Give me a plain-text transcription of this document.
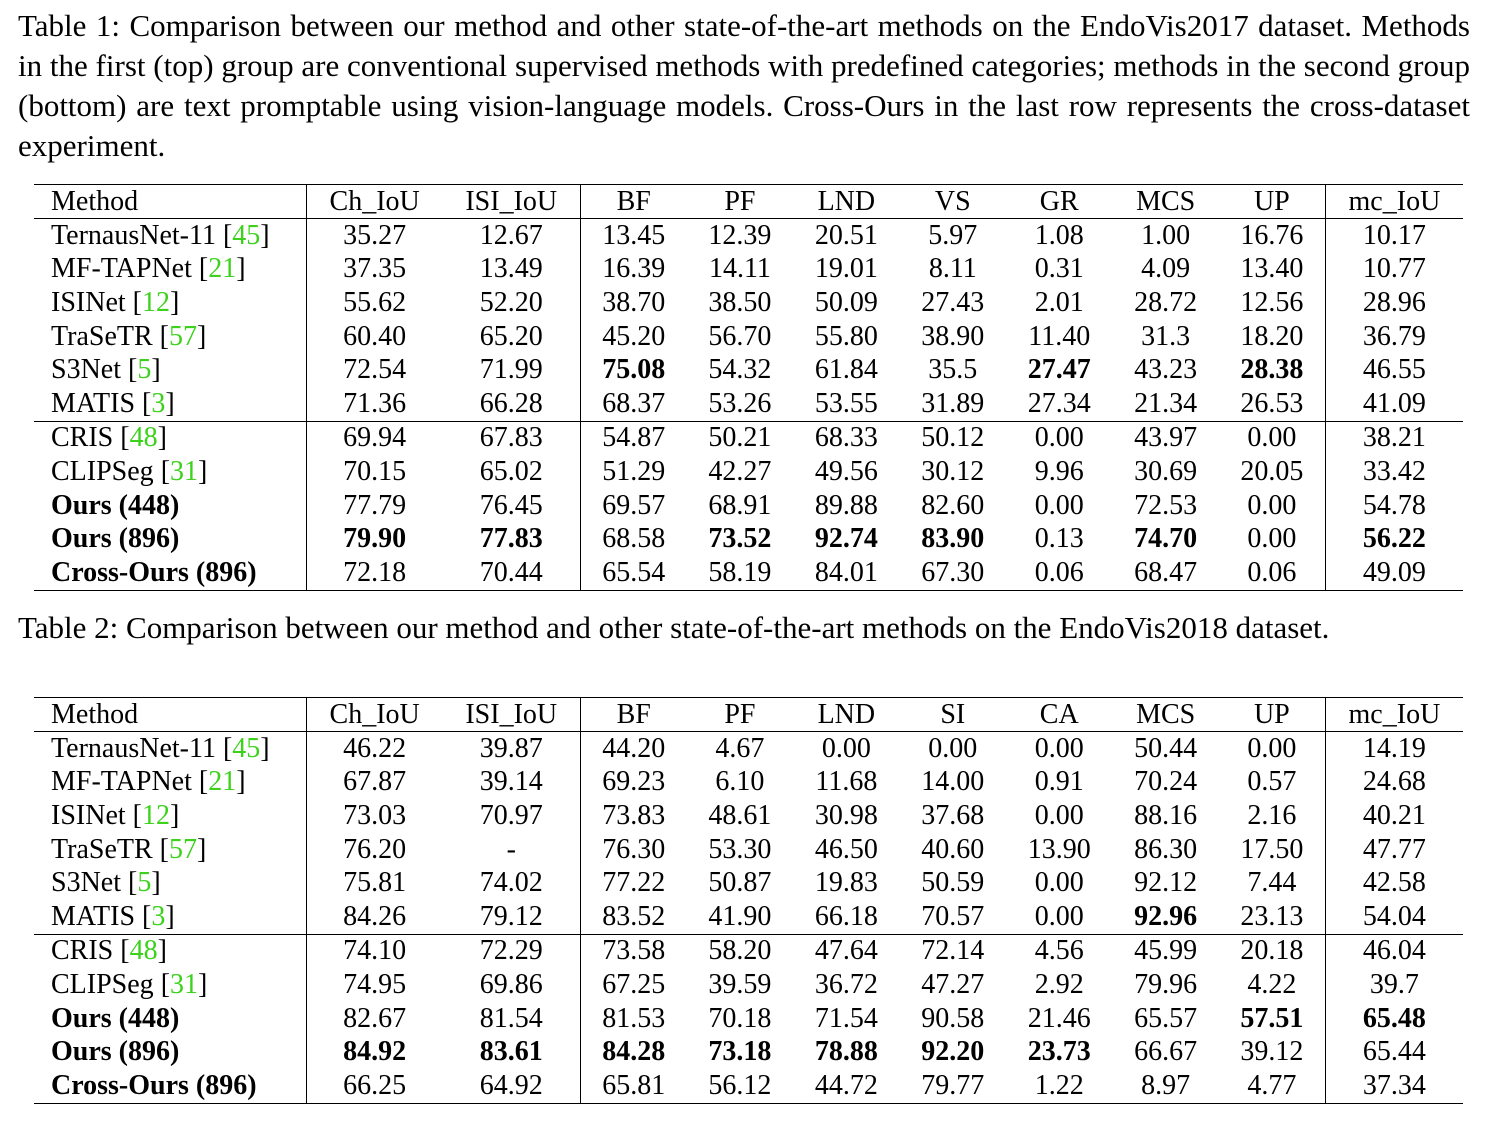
Table 1: Comparison between our method and other state-of-the-art methods on the EndoVis2017 dataset. Methods in the first (top) group are conventional supervised methods with predefined categories; methods in the second group (bottom) are text promptable using vision-language models. Cross-Ours in the last row represents the cross-dataset experiment.
Method	Ch_IoU	ISI_IoU	BF	PF	LND	VS	GR	MCS	UP	mc_IoU
TernausNet-11 [45]	35.27	12.67	13.45	12.39	20.51	5.97	1.08	1.00	16.76	10.17
MF-TAPNet [21]	37.35	13.49	16.39	14.11	19.01	8.11	0.31	4.09	13.40	10.77
ISINet [12]	55.62	52.20	38.70	38.50	50.09	27.43	2.01	28.72	12.56	28.96
TraSeTR [57]	60.40	65.20	45.20	56.70	55.80	38.90	11.40	31.3	18.20	36.79
S3Net [5]	72.54	71.99	75.08	54.32	61.84	35.5	27.47	43.23	28.38	46.55
MATIS [3]	71.36	66.28	68.37	53.26	53.55	31.89	27.34	21.34	26.53	41.09
CRIS [48]	69.94	67.83	54.87	50.21	68.33	50.12	0.00	43.97	0.00	38.21
CLIPSeg [31]	70.15	65.02	51.29	42.27	49.56	30.12	9.96	30.69	20.05	33.42
Ours (448)	77.79	76.45	69.57	68.91	89.88	82.60	0.00	72.53	0.00	54.78
Ours (896)	79.90	77.83	68.58	73.52	92.74	83.90	0.13	74.70	0.00	56.22
Cross-Ours (896)	72.18	70.44	65.54	58.19	84.01	67.30	0.06	68.47	0.06	49.09
Table 2: Comparison between our method and other state-of-the-art methods on the EndoVis2018 dataset.
Method	Ch_IoU	ISI_IoU	BF	PF	LND	SI	CA	MCS	UP	mc_IoU
TernausNet-11 [45]	46.22	39.87	44.20	4.67	0.00	0.00	0.00	50.44	0.00	14.19
MF-TAPNet [21]	67.87	39.14	69.23	6.10	11.68	14.00	0.91	70.24	0.57	24.68
ISINet [12]	73.03	70.97	73.83	48.61	30.98	37.68	0.00	88.16	2.16	40.21
TraSeTR [57]	76.20	-	76.30	53.30	46.50	40.60	13.90	86.30	17.50	47.77
S3Net [5]	75.81	74.02	77.22	50.87	19.83	50.59	0.00	92.12	7.44	42.58
MATIS [3]	84.26	79.12	83.52	41.90	66.18	70.57	0.00	92.96	23.13	54.04
CRIS [48]	74.10	72.29	73.58	58.20	47.64	72.14	4.56	45.99	20.18	46.04
CLIPSeg [31]	74.95	69.86	67.25	39.59	36.72	47.27	2.92	79.96	4.22	39.7
Ours (448)	82.67	81.54	81.53	70.18	71.54	90.58	21.46	65.57	57.51	65.48
Ours (896)	84.92	83.61	84.28	73.18	78.88	92.20	23.73	66.67	39.12	65.44
Cross-Ours (896)	66.25	64.92	65.81	56.12	44.72	79.77	1.22	8.97	4.77	37.34
